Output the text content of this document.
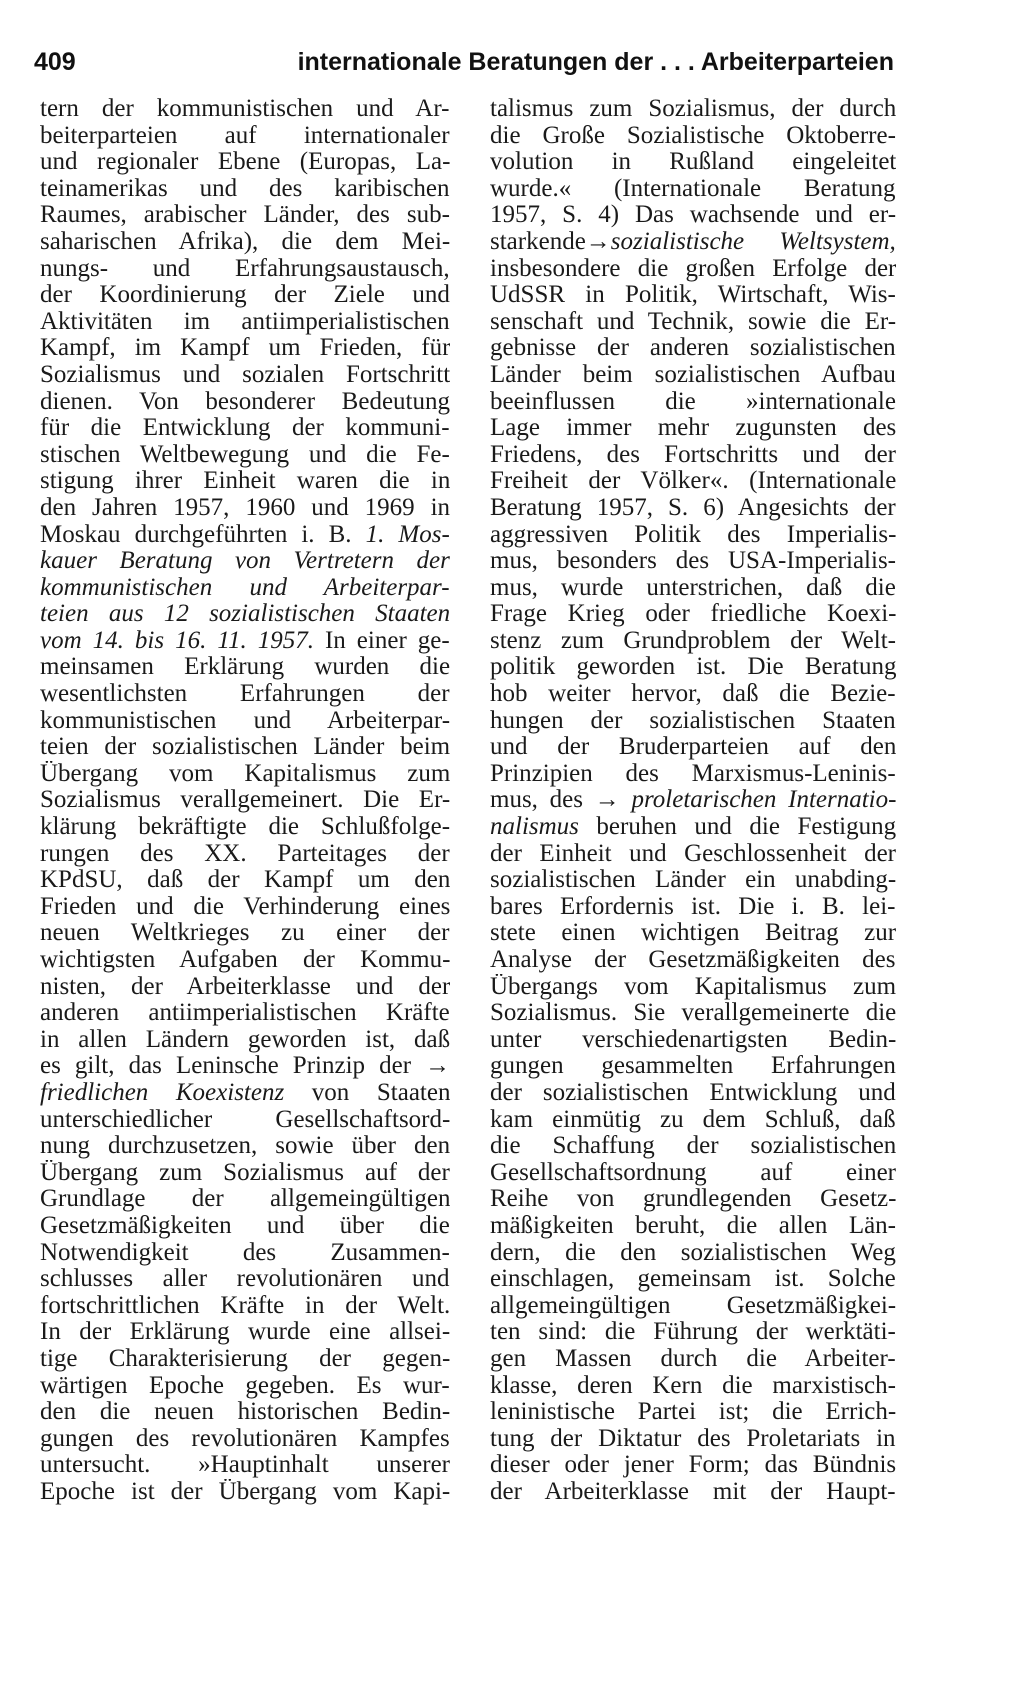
409	internationale Beratungen der . . . Arbeiterparteien
tern der kommunistischen und Ar-
beiterparteien auf internationaler
und regionaler Ebene (Europas, La-
teinamerikas und des karibischen
Raumes, arabischer Länder, des sub-
saharischen Afrika), die dem Mei-
nungs- und Erfahrungsaustausch,
der Koordinierung der Ziele und
Aktivitäten im antiimperialistischen
Kampf, im Kampf um Frieden, für
Sozialismus und sozialen Fortschritt
dienen. Von besonderer Bedeutung
für die Entwicklung der kommuni-
stischen Weltbewegung und die Fe-
stigung ihrer Einheit waren die in
den Jahren 1957, 1960 und 1969 in
Moskau durchgeführten i. B. 1. Mos-
kauer Beratung von Vertretern der
kommunistischen und Arbeiterpar-
teien aus 12 sozialistischen Staaten
vom 14. bis 16. 11. 1957. In einer ge-
meinsamen Erklärung wurden die
wesentlichsten Erfahrungen der
kommunistischen und Arbeiterpar-
teien der sozialistischen Länder beim
Übergang vom Kapitalismus zum
Sozialismus verallgemeinert. Die Er-
klärung bekräftigte die Schlußfolge-
rungen des XX. Parteitages der
KPdSU, daß der Kampf um den
Frieden und die Verhinderung eines
neuen Weltkrieges zu einer der
wichtigsten Aufgaben der Kommu-
nisten, der Arbeiterklasse und der
anderen antiimperialistischen Kräfte
in allen Ländern geworden ist, daß
es gilt, das Leninsche Prinzip der →
friedlichen Koexistenz von Staaten
unterschiedlicher Gesellschaftsord-
nung durchzusetzen, sowie über den
Übergang zum Sozialismus auf der
Grundlage der allgemeingültigen
Gesetzmäßigkeiten und über die
Notwendigkeit des Zusammen-
schlusses aller revolutionären und
fortschrittlichen Kräfte in der Welt.
In der Erklärung wurde eine allsei-
tige Charakterisierung der gegen-
wärtigen Epoche gegeben. Es wur-
den die neuen historischen Bedin-
gungen des revolutionären Kampfes
untersucht. »Hauptinhalt unserer
Epoche ist der Übergang vom Kapi-
talismus zum Sozialismus, der durch
die Große Sozialistische Oktoberre-
volution in Rußland eingeleitet
wurde.« (Internationale Beratung
1957, S. 4) Das wachsende und er-
starkende→sozialistische Weltsystem,
insbesondere die großen Erfolge der
UdSSR in Politik, Wirtschaft, Wis-
senschaft und Technik, sowie die Er-
gebnisse der anderen sozialistischen
Länder beim sozialistischen Aufbau
beeinflussen die »internationale
Lage immer mehr zugunsten des
Friedens, des Fortschritts und der
Freiheit der Völker«. (Internationale
Beratung 1957, S. 6) Angesichts der
aggressiven Politik des Imperialis-
mus, besonders des USA-Imperialis-
mus, wurde unterstrichen, daß die
Frage Krieg oder friedliche Koexi-
stenz zum Grundproblem der Welt-
politik geworden ist. Die Beratung
hob weiter hervor, daß die Bezie-
hungen der sozialistischen Staaten
und der Bruderparteien auf den
Prinzipien des Marxismus-Leninis-
mus, des → proletarischen Internatio-
nalismus beruhen und die Festigung
der Einheit und Geschlossenheit der
sozialistischen Länder ein unabding-
bares Erfordernis ist. Die i. B. lei-
stete einen wichtigen Beitrag zur
Analyse der Gesetzmäßigkeiten des
Übergangs vom Kapitalismus zum
Sozialismus. Sie verallgemeinerte die
unter verschiedenartigsten Bedin-
gungen gesammelten Erfahrungen
der sozialistischen Entwicklung und
kam einmütig zu dem Schluß, daß
die Schaffung der sozialistischen
Gesellschaftsordnung auf einer
Reihe von grundlegenden Gesetz-
mäßigkeiten beruht, die allen Län-
dern, die den sozialistischen Weg
einschlagen, gemeinsam ist. Solche
allgemeingültigen Gesetzmäßigkei-
ten sind: die Führung der werktäti-
gen Massen durch die Arbeiter-
klasse, deren Kern die marxistisch-
leninistische Partei ist; die Errich-
tung der Diktatur des Proletariats in
dieser oder jener Form; das Bündnis
der Arbeiterklasse mit der Haupt-
